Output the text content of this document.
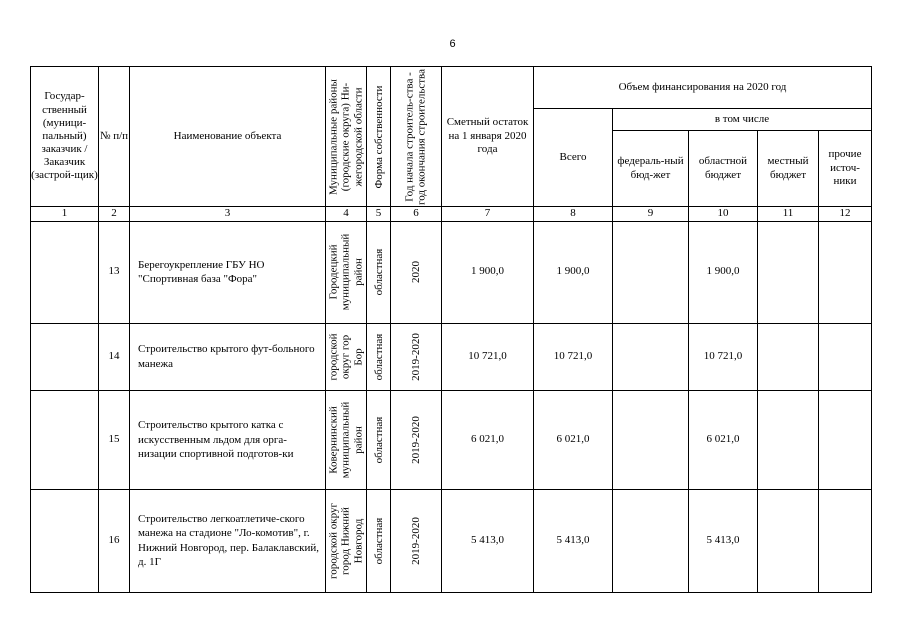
6
Государ-ственный (муници-пальный) заказчик / Заказчик (застрой-щик)	№ п/п	Наименование объекта	Муниципальные районы (городские округа) Ни-жегородской области	Форма собственности	Год начала строитель-ства - год окончания строительства	Сметный остаток на 1 января 2020 года	Объем финансирования на 2020 год				
							Всего	в том числе			
								федераль-ный бюд-жет	областной бюджет	местный бюджет	прочие источ-ники
1	2	3	4	5	6	7	8	9	10	11	12
	13	Берегоукрепление ГБУ НО "Спортивная база "Фора"	Городецкий муниципальный район	областная	2020	1 900,0	1 900,0		1 900,0		
	14	Строительство крытого фут-больного манежа	городской округ гор Бор	областная	2019-2020	10 721,0	10 721,0		10 721,0		
	15	Строительство крытого катка с искусственным льдом для орга-низации спортивной подготов-ки	Ковернинский муниципальный район	областная	2019-2020	6 021,0	6 021,0		6 021,0		
	16	Строительство легкоатлетиче-ского манежа на стадионе "Ло-комотив", г. Нижний Новгород, пер. Балаклавский, д. 1Г	городской округ город Нижний Новгород	областная	2019-2020	5 413,0	5 413,0		5 413,0		
